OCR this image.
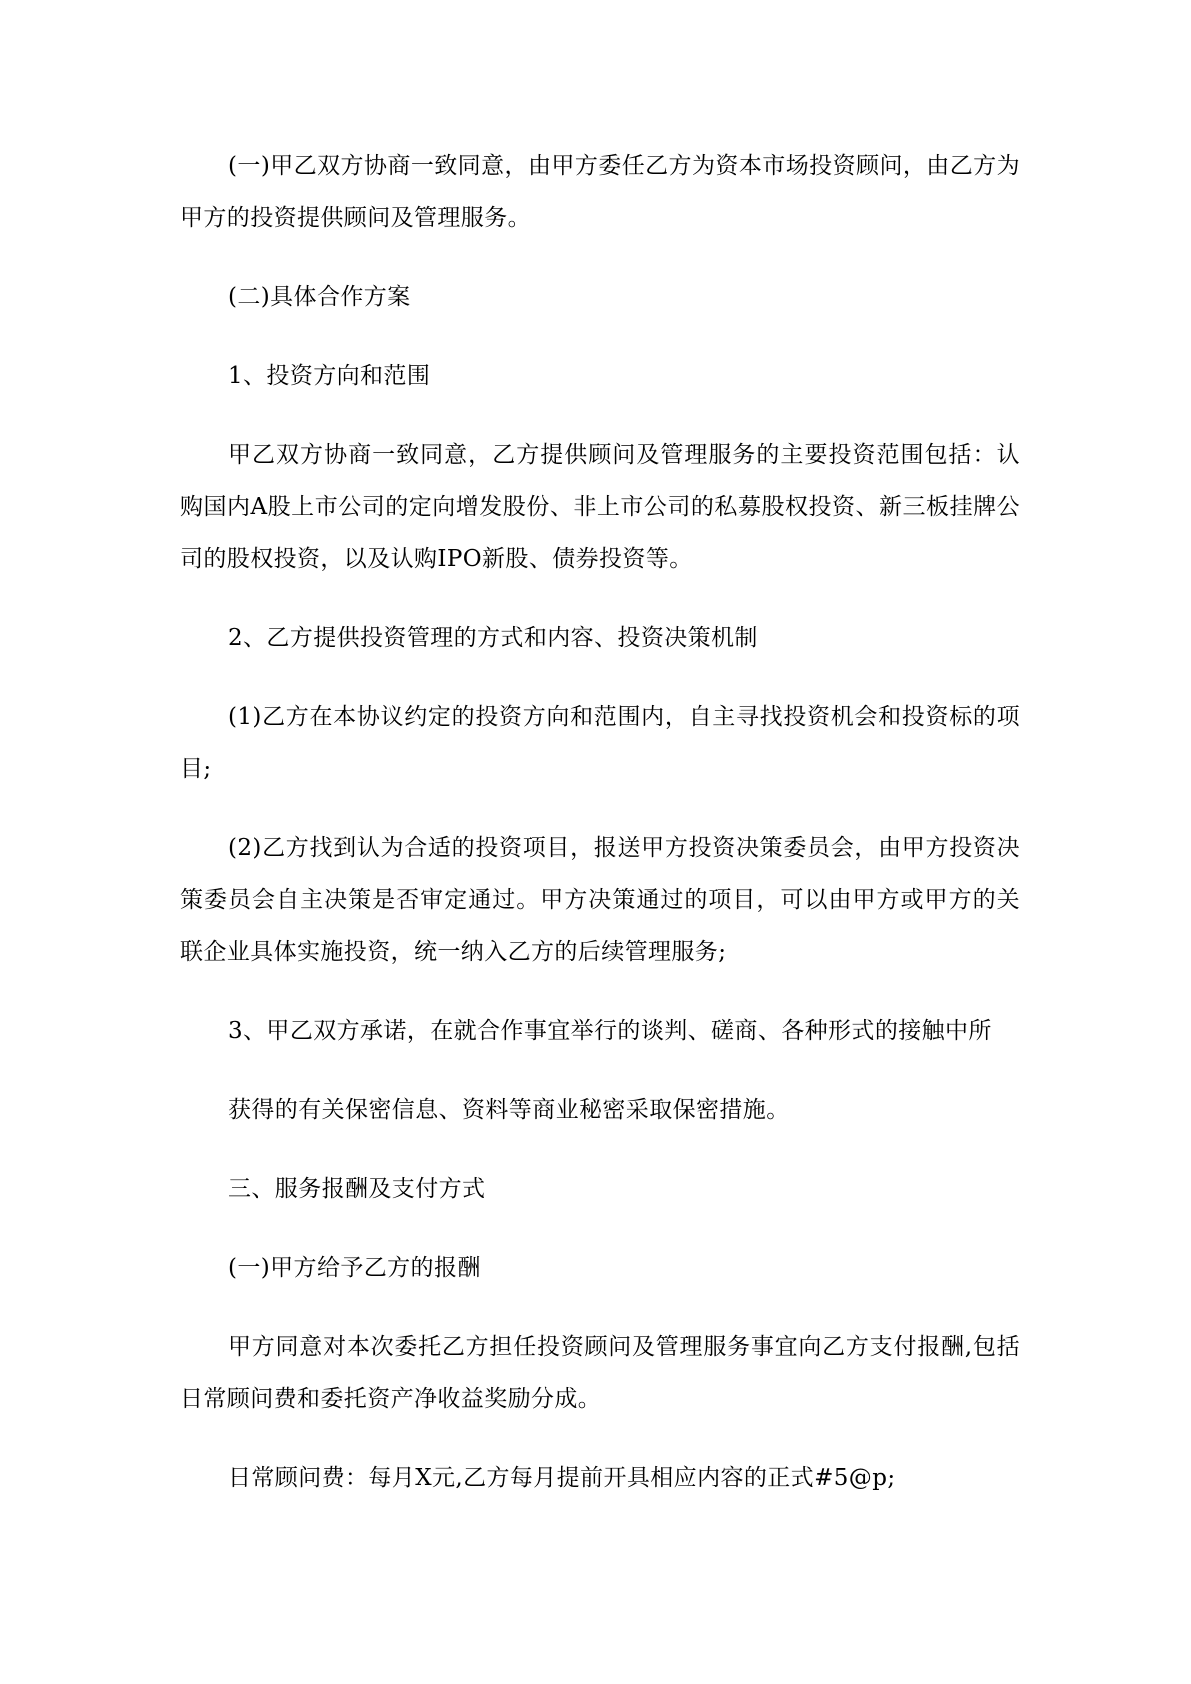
(一)甲乙双方协商一致同意，由甲方委任乙方为资本市场投资顾问，由乙方为甲方的投资提供顾问及管理服务。

(二)具体合作方案

1、投资方向和范围

甲乙双方协商一致同意，乙方提供顾问及管理服务的主要投资范围包括：认购国内A股上市公司的定向增发股份、非上市公司的私募股权投资、新三板挂牌公司的股权投资，以及认购IPO新股、债券投资等。

2、乙方提供投资管理的方式和内容、投资决策机制

(1)乙方在本协议约定的投资方向和范围内，自主寻找投资机会和投资标的项目;

(2)乙方找到认为合适的投资项目，报送甲方投资决策委员会，由甲方投资决策委员会自主决策是否审定通过。甲方决策通过的项目，可以由甲方或甲方的关联企业具体实施投资，统一纳入乙方的后续管理服务;

3、甲乙双方承诺，在就合作事宜举行的谈判、磋商、各种形式的接触中所

获得的有关保密信息、资料等商业秘密采取保密措施。

三、服务报酬及支付方式

(一)甲方给予乙方的报酬

甲方同意对本次委托乙方担任投资顾问及管理服务事宜向乙方支付报酬,包括日常顾问费和委托资产净收益奖励分成。

日常顾问费：每月X元,乙方每月提前开具相应内容的正式#5@p;
